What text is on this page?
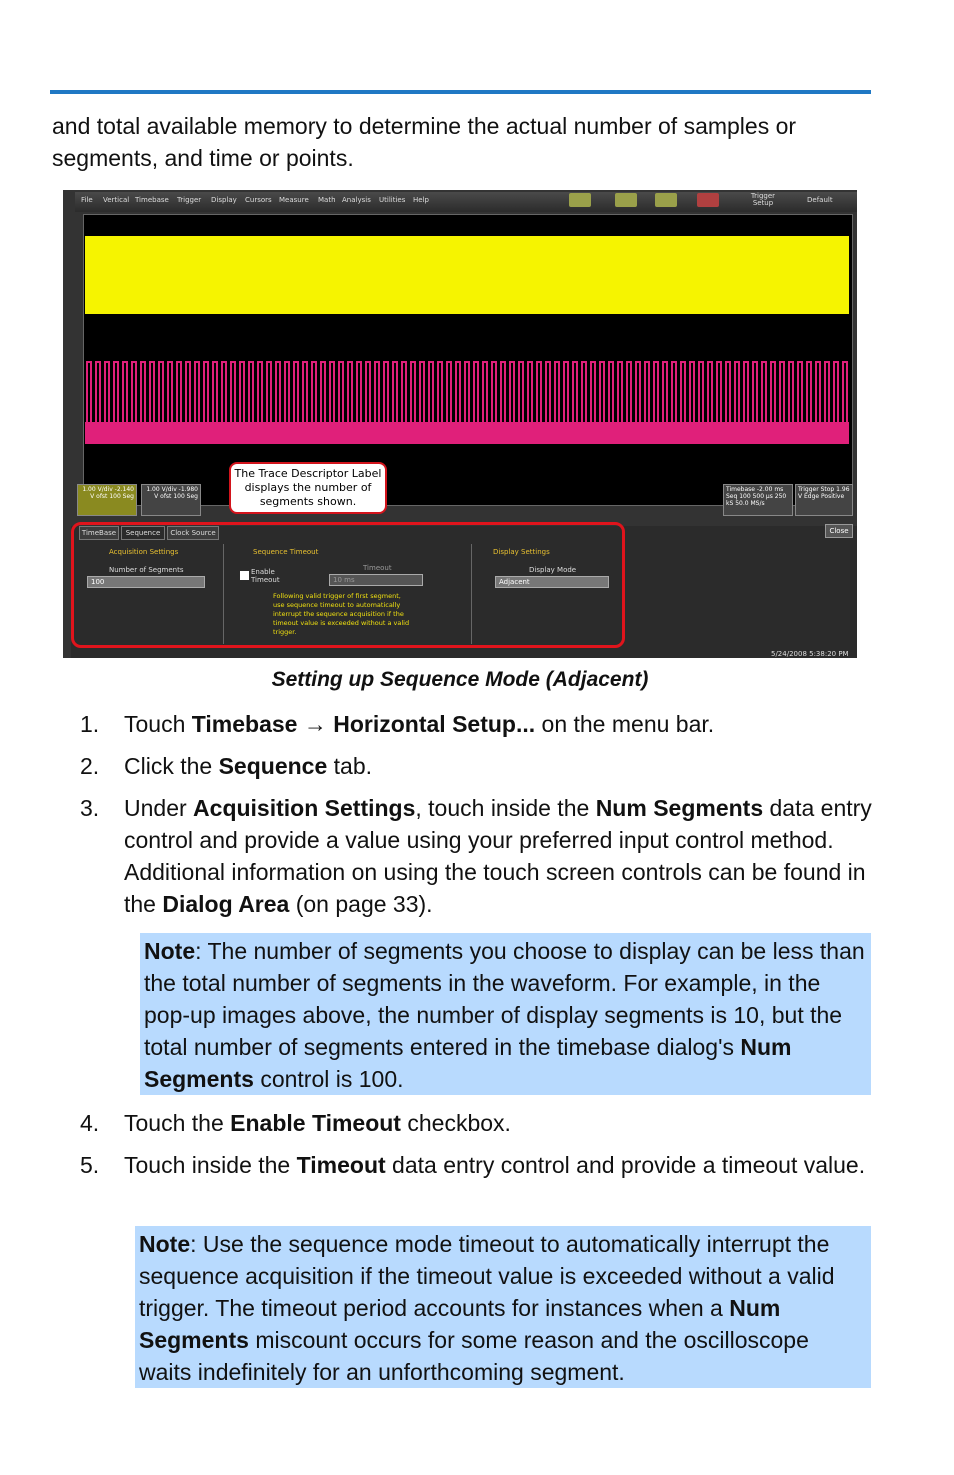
and total available memory to determine the actual number of samples or segments, and time or points.

File Vertical Timebase Trigger Display Cursors Measure Math Analysis Utilities Help	Trigger Setup	Default
1.00 V/div -2.140 V ofst 100 Seg
1.00 V/div -1.980 V ofst 100 Seg
Timebase -2.00 ms Seq 100 500 µs 250 kS 50.0 MS/s
Trigger Stop 1.96 V Edge Positive
The Trace Descriptor Label displays the number of segments shown.
TimeBase	Sequence	Clock Source	Close
Acquisition Settings
Number of Segments
100
Sequence Timeout
Enable Timeout
Timeout
10 ms
Following valid trigger of first segment, use sequence timeout to automatically interrupt the sequence acquisition if the timeout value is exceeded without a valid trigger.
Display Settings
Display Mode
Adjacent
5/24/2008 5:38:20 PM
Setting up Sequence Mode (Adjacent)
1. Touch Timebase → Horizontal Setup... on the menu bar.
2. Click the Sequence tab.
3. Under Acquisition Settings, touch inside the Num Segments data entry control and provide a value using your preferred input control method. Additional information on using the touch screen controls can be found in the Dialog Area (on page 33).
Note: The number of segments you choose to display can be less than the total number of segments in the waveform. For example, in the pop-up images above, the number of display segments is 10, but the total number of segments entered in the timebase dialog's Num Segments control is 100.
4. Touch the Enable Timeout checkbox.
5. Touch inside the Timeout data entry control and provide a timeout value.
Note: Use the sequence mode timeout to automatically interrupt the sequence acquisition if the timeout value is exceeded without a valid trigger. The timeout period accounts for instances when a Num Segments miscount occurs for some reason and the oscilloscope waits indefinitely for an unforthcoming segment.
